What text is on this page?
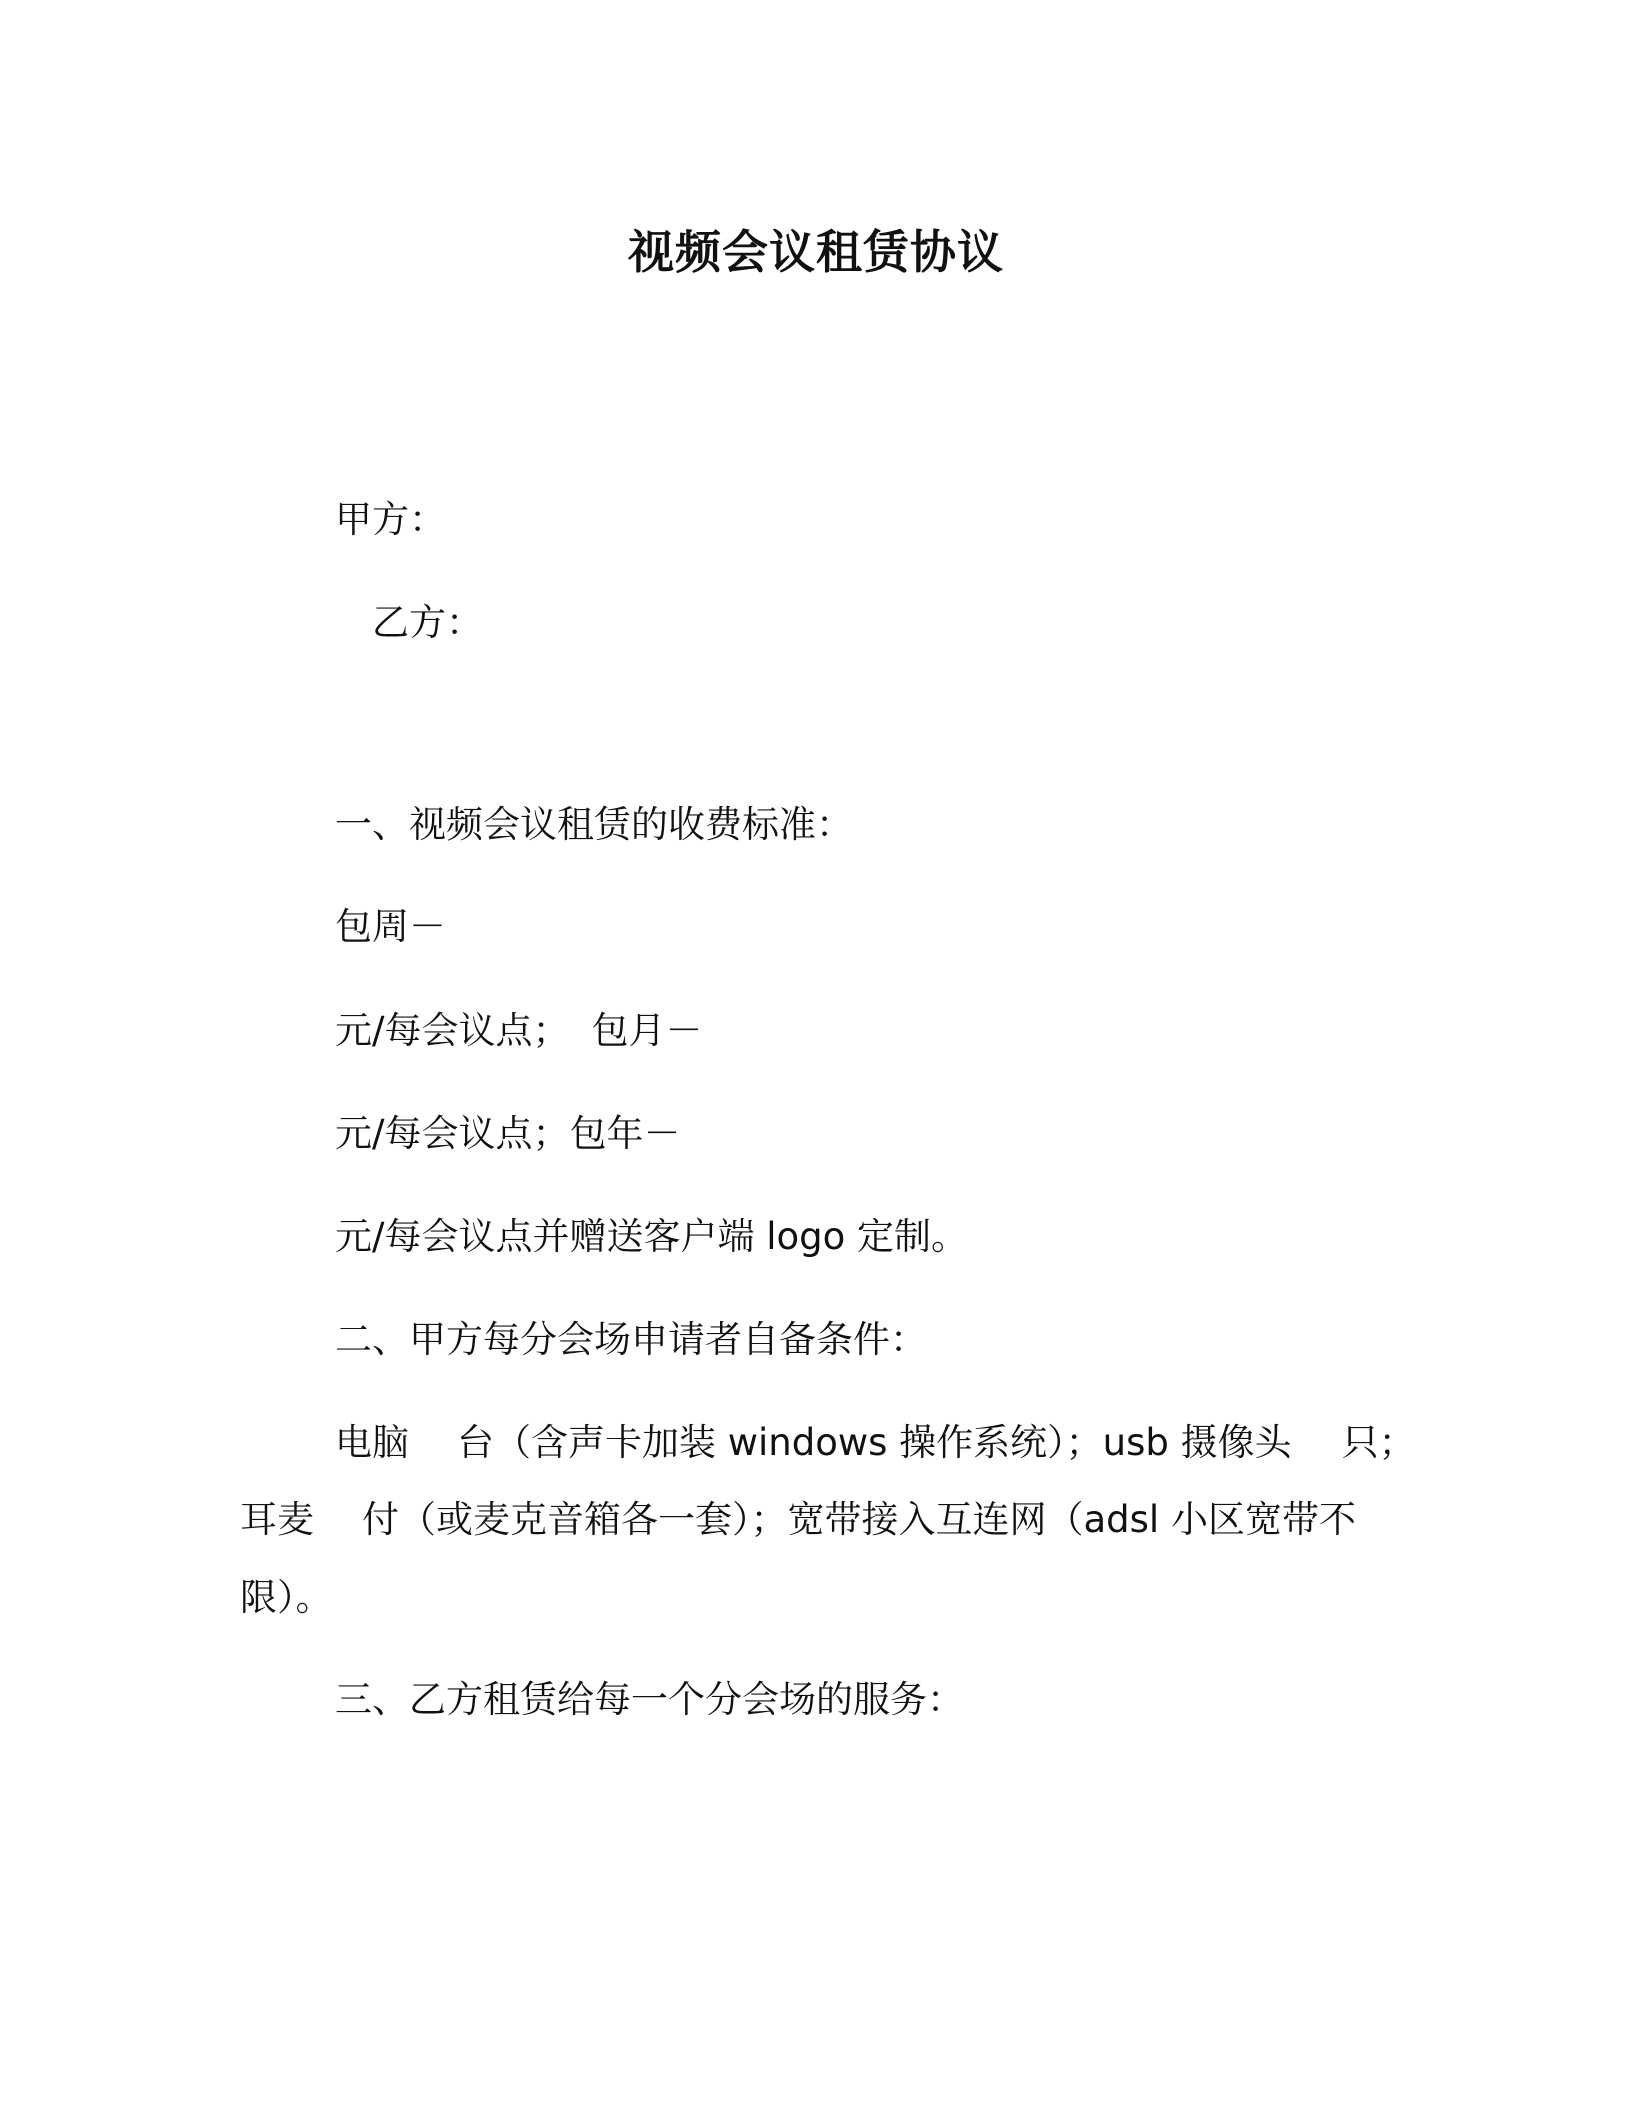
视频会议租赁协议
甲方：
乙方：
一、视频会议租赁的收费标准：
包周－
元/每会议点； 包月－
元/每会议点；包年－
元/每会议点并赠送客户端 logo 定制。
二、甲方每分会场申请者自备条件：
电脑 台（含声卡加装 windows 操作系统）；usb 摄像头 只；
耳麦 付（或麦克音箱各一套）；宽带接入互连网（adsl 小区宽带不
限）。
三、乙方租赁给每一个分会场的服务：
